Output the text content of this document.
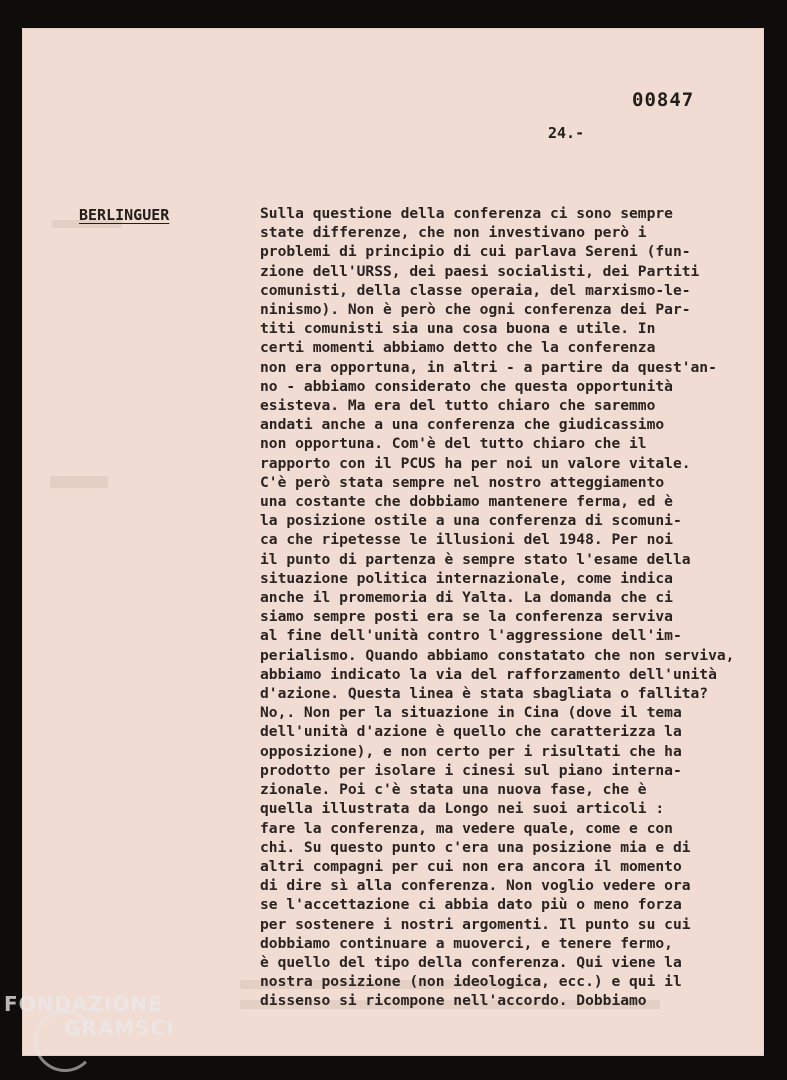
00847

24.-

BERLINGUER	Sulla questione della conferenza ci sono sempre
state differenze, che non investivano però i
problemi di principio di cui parlava Sereni (fun-
zione dell'URSS, dei paesi socialisti, dei Partiti
comunisti, della classe operaia, del marxismo-le-
ninismo). Non è però che ogni conferenza dei Par-
titi comunisti sia una cosa buona e utile. In
certi momenti abbiamo detto che la conferenza
non era opportuna, in altri - a partire da quest'an-
no - abbiamo considerato che questa opportunità
esisteva. Ma era del tutto chiaro che saremmo
andati anche a una conferenza che giudicassimo
non opportuna. Com'è del tutto chiaro che il
rapporto con il PCUS ha per noi un valore vitale.
C'è però stata sempre nel nostro atteggiamento
una costante che dobbiamo mantenere ferma, ed è
la posizione ostile a una conferenza di scomuni-
ca che ripetesse le illusioni del 1948. Per noi
il punto di partenza è sempre stato l'esame della
situazione politica internazionale, come indica
anche il promemoria di Yalta. La domanda che ci
siamo sempre posti era se la conferenza serviva
al fine dell'unità contro l'aggressione dell'im-
perialismo. Quando abbiamo constatato che non serviva,
abbiamo indicato la via del rafforzamento dell'unità
d'azione. Questa linea è stata sbagliata o fallita?
No,. Non per la situazione in Cina (dove il tema
dell'unità d'azione è quello che caratterizza la
opposizione), e non certo per i risultati che ha
prodotto per isolare i cinesi sul piano interna-
zionale. Poi c'è stata una nuova fase, che è
quella illustrata da Longo nei suoi articoli :
fare la conferenza, ma vedere quale, come e con
chi. Su questo punto c'era una posizione mia e di
altri compagni per cui non era ancora il momento
di dire sì alla conferenza. Non voglio vedere ora
se l'accettazione ci abbia dato più o meno forza
per sostenere i nostri argomenti. Il punto su cui
dobbiamo continuare a muoverci, e tenere fermo,
è quello del tipo della conferenza. Qui viene la
nostra posizione (non ideologica, ecc.) e qui il
dissenso si ricompone nell'accordo. Dobbiamo
FONDAZIONE
GRAMSCI
